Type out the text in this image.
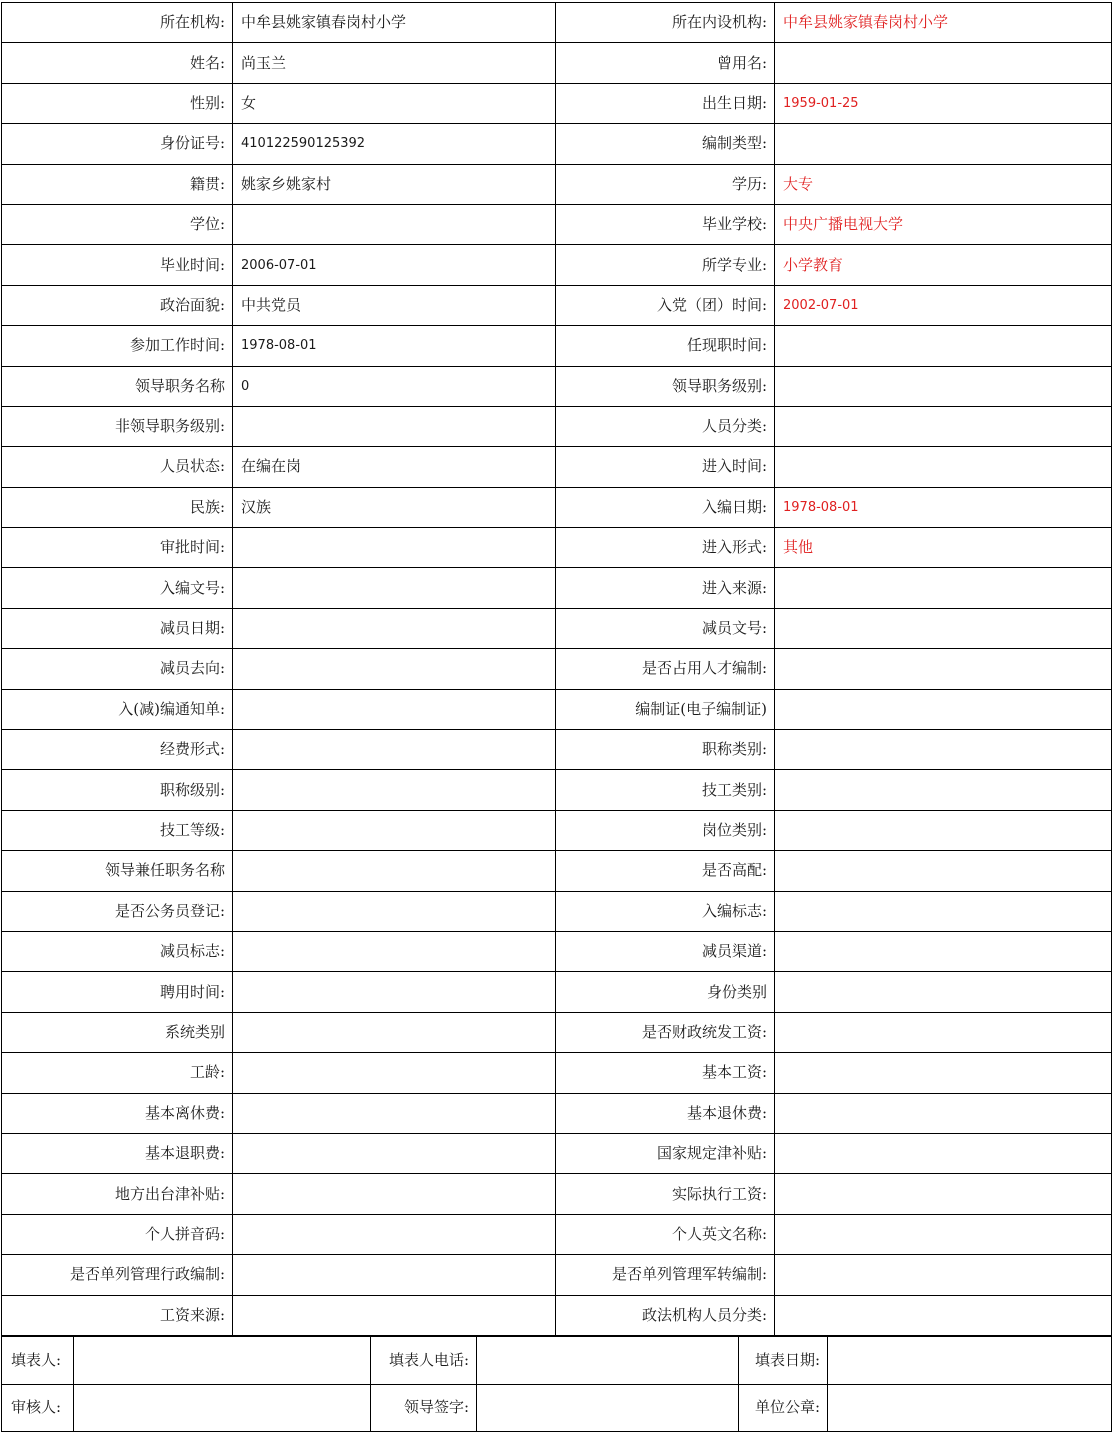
所在机构:	中牟县姚家镇春岗村小学	所在内设机构:	中牟县姚家镇春岗村小学
姓名:	尚玉兰	曾用名:	
性别:	女	出生日期:	1959-01-25
身份证号:	410122590125392	编制类型:	
籍贯:	姚家乡姚家村	学历:	大专
学位:		毕业学校:	中央广播电视大学
毕业时间:	2006-07-01	所学专业:	小学教育
政治面貌:	中共党员	入党（团）时间:	2002-07-01
参加工作时间:	1978-08-01	任现职时间:	
领导职务名称	0	领导职务级别:	
非领导职务级别:		人员分类:	
人员状态:	在编在岗	进入时间:	
民族:	汉族	入编日期:	1978-08-01
审批时间:		进入形式:	其他
入编文号:		进入来源:	
减员日期:		减员文号:	
减员去向:		是否占用人才编制:	
入(减)编通知单:		编制证(电子编制证)	
经费形式:		职称类别:	
职称级别:		技工类别:	
技工等级:		岗位类别:	
领导兼任职务名称		是否高配:	
是否公务员登记:		入编标志:	
减员标志:		减员渠道:	
聘用时间:		身份类别	
系统类别		是否财政统发工资:	
工龄:		基本工资:	
基本离休费:		基本退休费:	
基本退职费:		国家规定津补贴:	
地方出台津补贴:		实际执行工资:	
个人拼音码:		个人英文名称:	
是否单列管理行政编制:		是否单列管理军转编制:	
工资来源:		政法机构人员分类:	
填表人:		填表人电话:		填表日期:	
审核人:		领导签字:		单位公章:	
